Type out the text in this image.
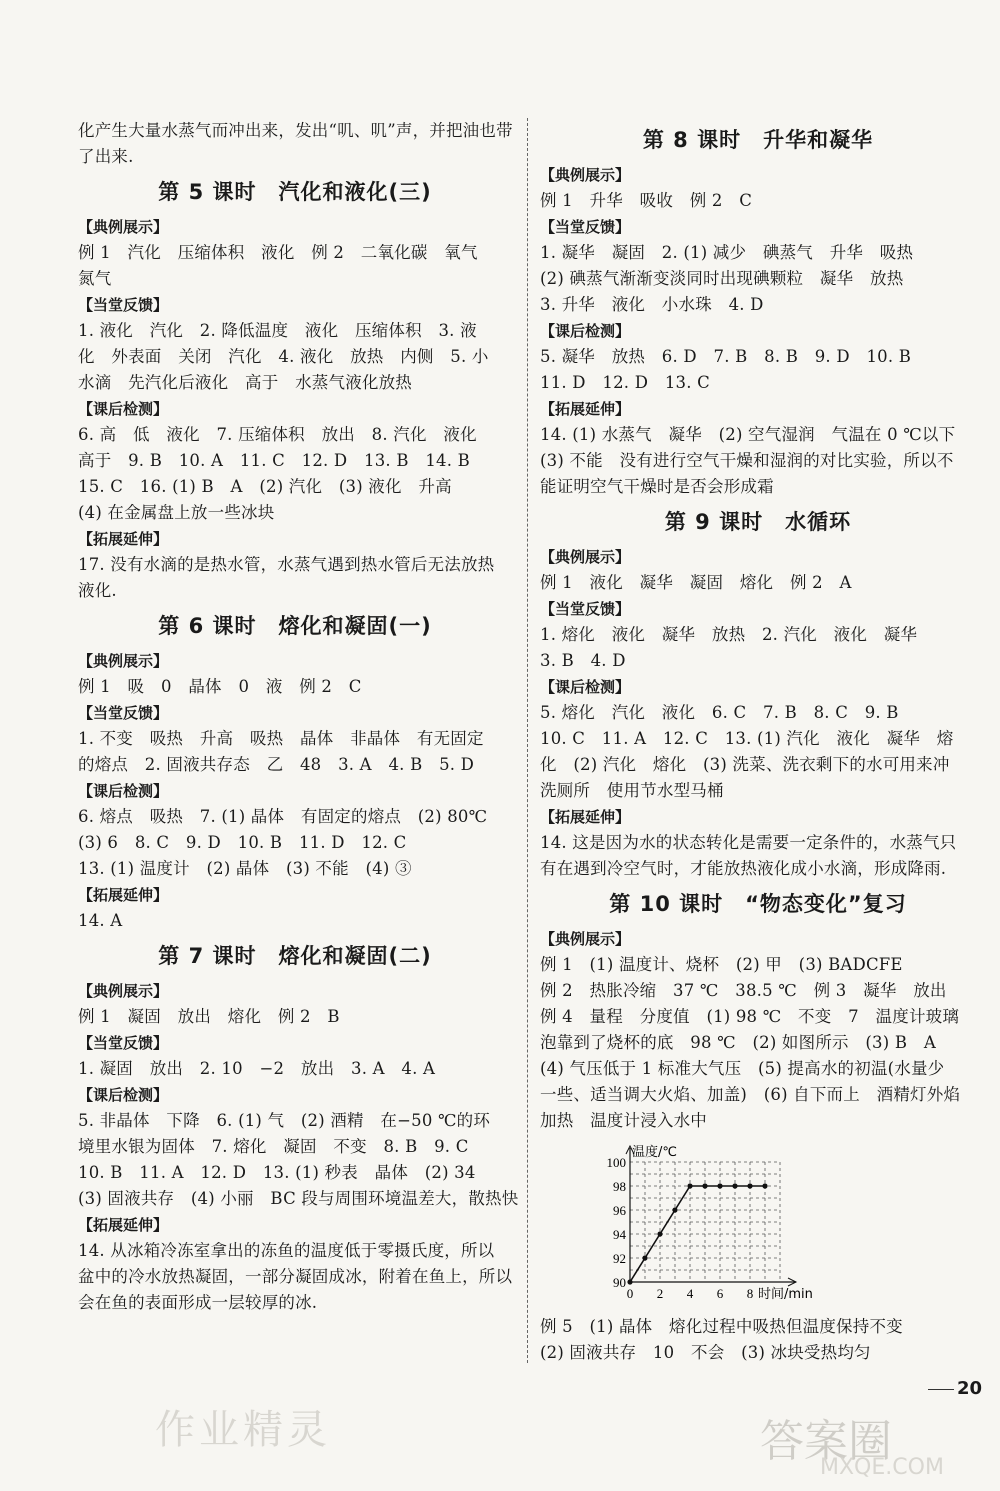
化产生大量水蒸气而冲出来，发出“叽、叽”声，并把油也带
了出来.
第 5 课时　汽化和液化(三)
【典例展示】
例 1　汽化　压缩体积　液化　例 2　二氧化碳　氧气
氮气
【当堂反馈】
1. 液化　汽化　2. 降低温度　液化　压缩体积　3. 液
化　外表面　关闭　汽化　4. 液化　放热　内侧　5. 小
水滴　先汽化后液化　高于　水蒸气液化放热
【课后检测】
6. 高　低　液化　7. 压缩体积　放出　8. 汽化　液化
高于　9. B　10. A　11. C　12. D　13. B　14. B
15. C　16. (1) B　A　(2) 汽化　(3) 液化　升高
(4) 在金属盘上放一些冰块
【拓展延伸】
17. 没有水滴的是热水管，水蒸气遇到热水管后无法放热
液化.
第 6 课时　熔化和凝固(一)
【典例展示】
例 1　吸　0　晶体　0　液　例 2　C
【当堂反馈】
1. 不变　吸热　升高　吸热　晶体　非晶体　有无固定
的熔点　2. 固液共存态　乙　48　3. A　4. B　5. D
【课后检测】
6. 熔点　吸热　7. (1) 晶体　有固定的熔点　(2) 80℃
(3) 6　8. C　9. D　10. B　11. D　12. C
13. (1) 温度计　(2) 晶体　(3) 不能　(4) ③
【拓展延伸】
14. A
第 7 课时　熔化和凝固(二)
【典例展示】
例 1　凝固　放出　熔化　例 2　B
【当堂反馈】
1. 凝固　放出　2. 10　−2　放出　3. A　4. A
【课后检测】
5. 非晶体　下降　6. (1) 气　(2) 酒精　在−50 ℃的环
境里水银为固体　7. 熔化　凝固　不变　8. B　9. C
10. B　11. A　12. D　13. (1) 秒表　晶体　(2) 34
(3) 固液共存　(4) 小丽　BC 段与周围环境温差大，散热快
【拓展延伸】
14. 从冰箱冷冻室拿出的冻鱼的温度低于零摄氏度，所以
盆中的冷水放热凝固，一部分凝固成冰，附着在鱼上，所以
会在鱼的表面形成一层较厚的冰.
第 8 课时　升华和凝华
【典例展示】
例 1　升华　吸收　例 2　C
【当堂反馈】
1. 凝华　凝固　2. (1) 减少　碘蒸气　升华　吸热
(2) 碘蒸气渐渐变淡同时出现碘颗粒　凝华　放热
3. 升华　液化　小水珠　4. D
【课后检测】
5. 凝华　放热　6. D　7. B　8. B　9. D　10. B
11. D　12. D　13. C
【拓展延伸】
14. (1) 水蒸气　凝华　(2) 空气湿润　气温在 0 ℃以下
(3) 不能　没有进行空气干燥和湿润的对比实验，所以不
能证明空气干燥时是否会形成霜
第 9 课时　水循环
【典例展示】
例 1　液化　凝华　凝固　熔化　例 2　A
【当堂反馈】
1. 熔化　液化　凝华　放热　2. 汽化　液化　凝华
3. B　4. D
【课后检测】
5. 熔化　汽化　液化　6. C　7. B　8. C　9. B
10. C　11. A　12. C　13. (1) 汽化　液化　凝华　熔
化　(2) 汽化　熔化　(3) 洗菜、洗衣剩下的水可用来冲
洗厕所　使用节水型马桶
【拓展延伸】
14. 这是因为水的状态转化是需要一定条件的，水蒸气只
有在遇到冷空气时，才能放热液化成小水滴，形成降雨.
第 10 课时　“物态变化”复习
【典例展示】
例 1　(1) 温度计、烧杯　(2) 甲　(3) BADCFE
例 2　热胀冷缩　37 ℃　38.5 ℃　例 3　凝华　放出
例 4　量程　分度值　(1) 98 ℃　不变　7　温度计玻璃
泡靠到了烧杯的底　98 ℃　(2) 如图所示　(3) B　A
(4) 气压低于 1 标准大气压　(5) 提高水的初温(水量少
一些、适当调大火焰、加盖)　(6) 自下而上　酒精灯外焰
加热　温度计浸入水中
90
92
94
96
98
100
0 2 4 6 8
温度/℃
时间/min
例 5　(1) 晶体　熔化过程中吸热但温度保持不变
(2) 固液共存　10　不会　(3) 冰块受热均匀
20
作业精灵	答案圈
MXQE.COM
